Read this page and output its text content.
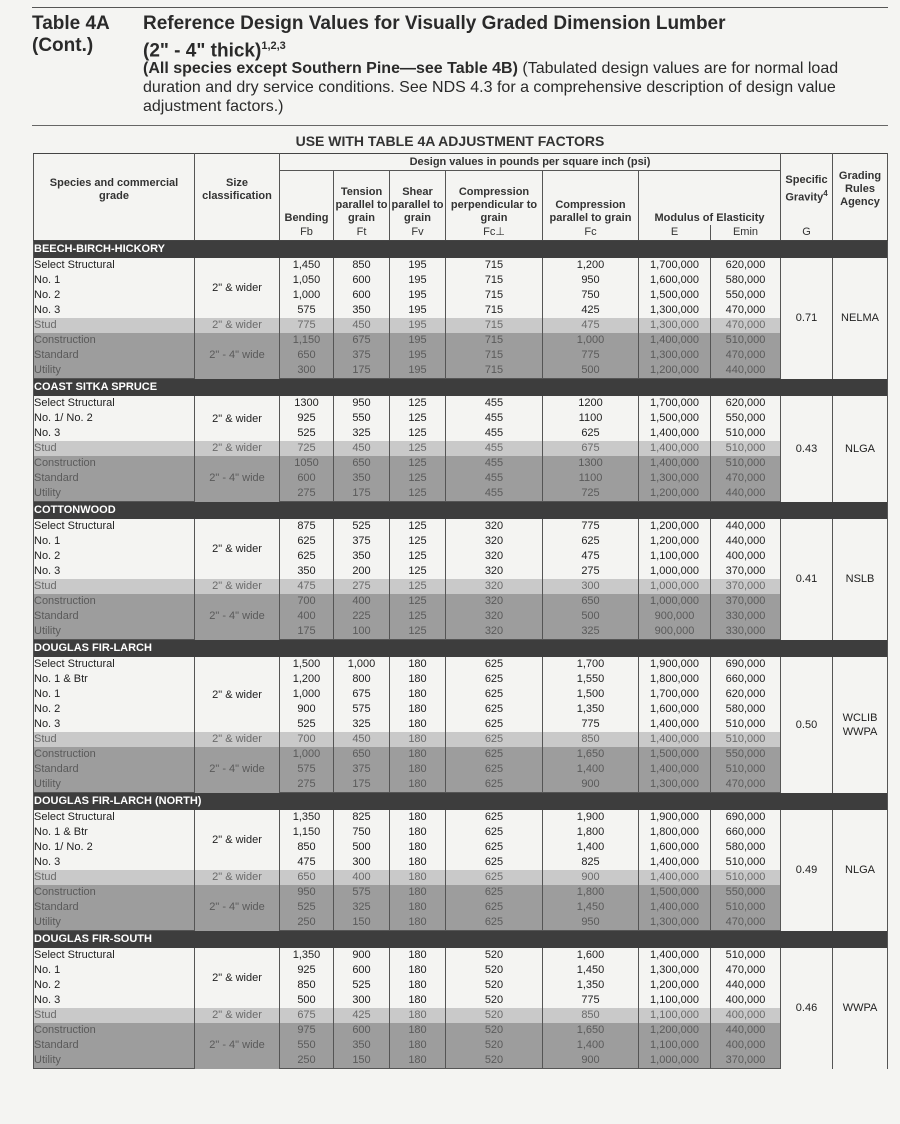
Table 4A
(Cont.)
Reference Design Values for Visually Graded Dimension Lumber
(2" - 4" thick)$^{1,2,3}$
(All species except Southern Pine—see Table 4B) (Tabulated design values are for normal load duration and dry service conditions. See NDS 4.3 for a comprehensive description of design value adjustment factors.)
USE WITH TABLE 4A ADJUSTMENT FACTORS
Species and commercial grade	Size classification	Design values in pounds per square inch (psi)							Specific Gravity$^4$	Grading Rules Agency
		Bending	Tension parallel to grain	Shear parallel to grain	Compression perpendicular to grain	Compression parallel to grain	Modulus of Elasticity			
		Fb	Ft	Fv	Fc⊥	Fc	E	Emin	G	
BEECH-BIRCH-HICKORY										
Select Structural	2" & wider	1,450	850	195	715	1,200	1,700,000	620,000	0.71	NELMA

No. 1		1,050	600	195	715	950	1,600,000	580,000		
No. 2		1,000	600	195	715	750	1,500,000	550,000		
No. 3		575	350	195	715	425	1,300,000	470,000		
Stud	2" & wider	775	450	195	715	475	1,300,000	470,000		
Construction	2" - 4" wide	1,150	675	195	715	1,000	1,400,000	510,000		
Standard		650	375	195	715	775	1,300,000	470,000		
Utility		300	175	195	715	500	1,200,000	440,000		
COAST SITKA SPRUCE										
Select Structural	2" & wider	1300	950	125	455	1200	1,700,000	620,000	0.43	NLGA

No. 1/ No. 2		925	550	125	455	1100	1,500,000	550,000		
No. 3		525	325	125	455	625	1,400,000	510,000		
Stud	2" & wider	725	450	125	455	675	1,400,000	510,000		
Construction	2" - 4" wide	1050	650	125	455	1300	1,400,000	510,000		
Standard		600	350	125	455	1100	1,300,000	470,000		
Utility		275	175	125	455	725	1,200,000	440,000		
COTTONWOOD										
Select Structural	2" & wider	875	525	125	320	775	1,200,000	440,000	0.41	NSLB

No. 1		625	375	125	320	625	1,200,000	440,000		
No. 2		625	350	125	320	475	1,100,000	400,000		
No. 3		350	200	125	320	275	1,000,000	370,000		
Stud	2" & wider	475	275	125	320	300	1,000,000	370,000		
Construction	2" - 4" wide	700	400	125	320	650	1,000,000	370,000		
Standard		400	225	125	320	500	900,000	330,000		
Utility		175	100	125	320	325	900,000	330,000		
DOUGLAS FIR-LARCH										
Select Structural	2" & wider	1,500	1,000	180	625	1,700	1,900,000	690,000	0.50	WCLIB
WWPA

No. 1 & Btr		1,200	800	180	625	1,550	1,800,000	660,000		
No. 1		1,000	675	180	625	1,500	1,700,000	620,000		
No. 2		900	575	180	625	1,350	1,600,000	580,000		
No. 3		525	325	180	625	775	1,400,000	510,000		
Stud	2" & wider	700	450	180	625	850	1,400,000	510,000		
Construction	2" - 4" wide	1,000	650	180	625	1,650	1,500,000	550,000		
Standard		575	375	180	625	1,400	1,400,000	510,000		
Utility		275	175	180	625	900	1,300,000	470,000		
DOUGLAS FIR-LARCH (NORTH)										
Select Structural	2" & wider	1,350	825	180	625	1,900	1,900,000	690,000	0.49	NLGA

No. 1 & Btr		1,150	750	180	625	1,800	1,800,000	660,000		
No. 1/ No. 2		850	500	180	625	1,400	1,600,000	580,000		
No. 3		475	300	180	625	825	1,400,000	510,000		
Stud	2" & wider	650	400	180	625	900	1,400,000	510,000		
Construction	2" - 4" wide	950	575	180	625	1,800	1,500,000	550,000		
Standard		525	325	180	625	1,450	1,400,000	510,000		
Utility		250	150	180	625	950	1,300,000	470,000		
DOUGLAS FIR-SOUTH										
Select Structural	2" & wider	1,350	900	180	520	1,600	1,400,000	510,000	0.46	WWPA

No. 1		925	600	180	520	1,450	1,300,000	470,000		
No. 2		850	525	180	520	1,350	1,200,000	440,000		
No. 3		500	300	180	520	775	1,100,000	400,000		
Stud	2" & wider	675	425	180	520	850	1,100,000	400,000		
Construction	2" - 4" wide	975	600	180	520	1,650	1,200,000	440,000		
Standard		550	350	180	520	1,400	1,100,000	400,000		
Utility		250	150	180	520	900	1,000,000	370,000		
